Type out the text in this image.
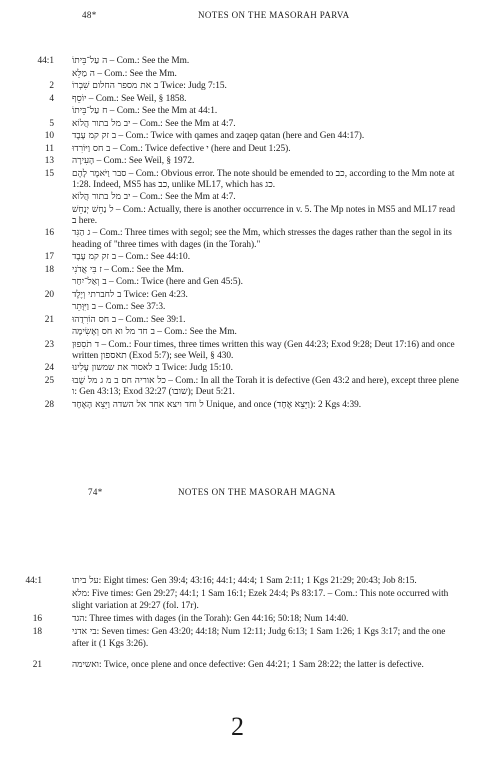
48*	NOTES ON THE MASORAH PARVA
44:1 ה עַל־בֵּיתוֹ – Com.: See the Mm.
ה מַלֵּא – Com.: See the Mm.
2 ב את מספר החלום שִׁבְרוֹ Twice: Judg 7:15.
4 יוֹסֵף – Com.: See Weil, § 1858.
ח עַל־בֵּיתוֹ – Com.: See the Mm at 44:1.
5 יב מל בתור הֲלוֹא – Com.: See the Mm at 4:7.
10 ב זק קמ עָבֶד – Com.: Twice with qames and zaqep qatan (here and Gen 44:17).
11 ב חס וַיּוֹרִדוּ – Com.: Twice defective י (here and Deut 1:25).
13 הָעִירָה – Com.: See Weil, § 1972.
15 סבר וַיֹּאמֶר לָהֶם – Com.: Obvious error. The note should be emended to כב, according to the Mm note at 1:28. Indeed, MS5 has כב, unlike ML17, which has כג.
יב מל בתור הֲלוֹא – Com.: See the Mm at 4:7.
ל נַחֵשׁ יְנַחֵשׁ – Com.: Actually, there is another occurrence in v. 5. The Mp notes in MS5 and ML17 read ב here.
16 ג הַגִּד – Com.: Three times with segol; see the Mm, which stresses the dages rather than the segol in its heading of "three times with dages (in the Torah)."
17 ב זק קמ עָבֶד – Com.: See 44:10.
18 ז בִּי אֲדֹנִי – Com.: See the Mm.
ב וְאַל־יִחַר – Com.: Twice (here and Gen 45:5).
20 ב לחברתי וְיֶלֶד Twice: Gen 4:23.
ב וַיִּוָּתֵר – Com.: See 37:3.
21 ב חס הוֹרִדֻהוּ – Com.: See 39:1.
ב חד מל וא חס וְאָשִׂימָה – Com.: See the Mm.
23 ד תֹסִפוּן – Com.: Four times, three times written this way (Gen 44:23; Exod 9:28; Deut 17:16) and once written תאספון (Exod 5:7); see Weil, § 430.
24 ב לאסור את שמשון עָלִינוּ Twice: Judg 15:10.
25 כל אוריה חס ב מ ג מל שֻׁבוּ – Com.: In all the Torah it is defective (Gen 43:2 and here), except three plene ו: Gen 43:13; Exod 32:27 (שובו); Deut 5:21.
28 ל וחד ויצא אחד אל השדה וַיֵּצֵא הָאֶחָד Unique, and once (וַיֵּצֵא אֶחָד): 2 Kgs 4:39.
74*	NOTES ON THE MASORAH MAGNA
44:1	על ביתו: Eight times: Gen 39:4; 43:16; 44:1; 44:4; 1 Sam 2:11; 1 Kgs 21:29; 20:43; Job 8:15.
מלא: Five times: Gen 29:27; 44:1; 1 Sam 16:1; Ezek 24:4; Ps 83:17. – Com.: This note occurred with slight variation at 29:27 (fol. 17r).
16	הגד: Three times with dages (in the Torah): Gen 44:16; 50:18; Num 14:40.
18	בי אדני: Seven times: Gen 43:20; 44:18; Num 12:11; Judg 6:13; 1 Sam 1:26; 1 Kgs 3:17; and the one after it (1 Kgs 3:26).
21	ואשימה: Twice, once plene and once defective: Gen 44:21; 1 Sam 28:22; the latter is defective.
2
